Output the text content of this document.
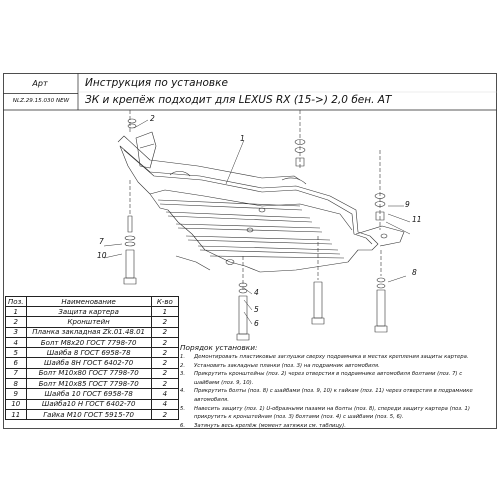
Арт
NLZ.29.15.030 NEW
Инструкция по установке
ЗК и крепёж подходит для LEXUS RX (15->) 2,0 бен. АТ
1
2
4
5
6
7
8
9
10
11
Поз.	Наименование	К-во
1	Защита картера	1
2	Кронштейн	2
3	Планка закладная Zk.01.48.01	2
4	Болт М8х20 ГОСТ 7798-70	2
5	Шайба 8 ГОСТ 6958-78	2
6	Шайба 8Н ГОСТ 6402-70	2
7	Болт М10х80 ГОСТ 7798-70	2
8	Болт М10х85 ГОСТ 7798-70	2
9	Шайба 10 ГОСТ 6958-78	4
10	Шайба10 Н ГОСТ 6402-70	4
11	Гайка М10 ГОСТ 5915-70	2
Порядок установки:
1. Демонтировать пластиковые заглушки сверху подрамника в местах крепления защиты картера.
2. Установить закладные планки (поз. 3) на подрамник автомобиля.
3. Прикрутить кронштейны (поз. 2) через отверстия в подрамнике автомобиля болтами (поз. 7) с
шайбами (поз. 9, 10).
4. Прикрутить болты (поз. 8) с шайбами (поз. 9, 10) к гайкам (поз. 11) через отверстия в подрамнике
автомобиля.
5. Навесить защиту (поз. 1) U-образными пазами на болты (поз. 8), спереди защиту картера (поз. 1)
прикрутить к кронштейнам (поз. 3) болтами (поз. 4) с шайбами (поз. 5, 6).
6. Затянуть весь крепёж (момент затяжки см. таблицу).
